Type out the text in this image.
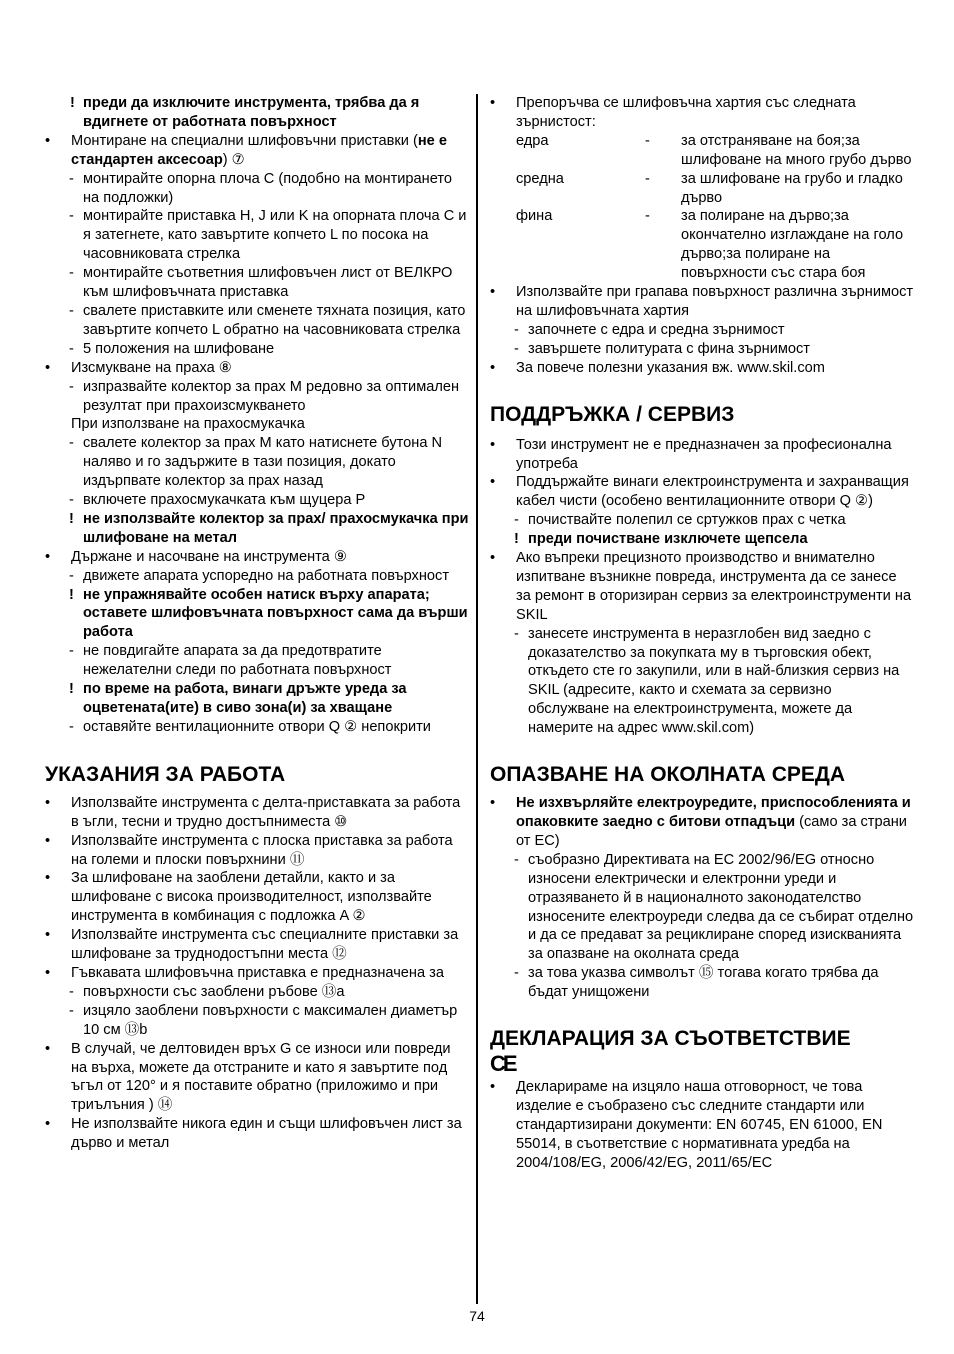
! преди да изключите инструмента, трябва да я вдигнете от работната повърхност
• Монтиране на специални шлифовъчни приставки (не е стандартен аксесоар) ⑦
- монтирайте опорна плоча C (подобно на монтирането на подложки)
- монтирайте приставка H, J или K на опорната плоча C и я затегнете, като завъртите копчето L по посока на часовниковата стрелка
- монтирайте съответния шлифовъчен лист от ВЕЛКРО към шлифовъчната приставка
- свалете приставките или сменете тяхната позиция, като завъртите копчето L обратно на часовниковата стрелка
- 5 положения на шлифоване
• Изсмукване на праха ⑧
- изпразвайте колектор за прах M редовно за оптимален резултат при прахоизсмукването
При използване на прахосмукачка
- свалете колектор за прах M като натиснете бутона N наляво и го задържите в тази позиция, докато издърпвате колектор за прах назад
- включете прахосмукачката към щуцера P
! не използвайте колектор за прах/ прахосмукачка при шлифоване на метал
• Държане и насочване на инструмента ⑨
- движете апарата успоредно на работната повърхност
! не упражнявайте особен натиск върху апарата; оставете шлифовъчната повърхност сама да върши работа
- не повдигайте апарата за да предотвратите нежелателни следи по работната повърхност
! по време на работа, винаги дръжте уреда за оцветената(ите) в сиво зона(и) за хващане
- оставяйте вентилационните отвори Q ② непокрити
УКАЗАНИЯ ЗА РАБОТА
• Използвайте инструмента с делта-приставката за работа в ъгли, тесни и трудно достъпниместа ⑩
• Използвайте инструмента с плоска приставка за работа на големи и плоски повърхнини ⑪
• За шлифоване на заоблени детайли, както и за шлифоване с висока производителност, използвайте инструмента в комбинация с подложка A ②
• Използвайте инструмента със специалните приставки за шлифоване за труднодостъпни места ⑫
• Гъвкавата шлифовъчна приставка е предназначена за
- повърхности със заоблени ръбове ⑬a
- изцяло заоблени повърхности с максимален диаметър 10 см ⑬b
• В случай, че делтовиден връх G се износи или повреди на върха, можете да отстраните и като я завъртите под ъгъл от 120° и я поставите обратно (приложимо и при триълъния ) ⑭
• Не използвайте никога един и същи шлифовъчен лист за дърво и метал
• Препоръчва се шлифовъчна хартия със следната зърнистост:
едра	-	за отстраняване на боя;за шлифоване на много грубо дърво
средна	-	за шлифоване на грубо и гладко дърво
фина	-	за полиране на дърво;за окончателно изглаждане на голо дърво;за полиране на повърхности със стара боя
• Използвайте при грапава повърхност различна зърнимост на шлифовъчната хартия
- започнете с едра и средна зърнимост
- завършете политурата с фина зърнимост
• За повече полезни указания вж. www.skil.com
ПОДДРЪЖКА / СЕРВИЗ
• Този инструмент не е предназначен за професионална употреба
• Поддържайте винаги електроинструмента и захранващия кабел чисти (особено вентилационните отвори Q ②)
- почиствайте полепил се сртужков прах с четка
! преди почистване изключете щепсела
• Ако въпреки прецизното производство и внимателно изпитване възникне повреда, инструмента да се занесе за ремонт в оторизиран сервиз за електроинструменти на SKIL
- занесете инструмента в неразглобен вид заедно с доказателство за покупката му в търговския обект, откъдето сте го закупили, или в най-близкия сервиз на SKIL (адресите, както и схемата за сервизно обслужване на електроинструмента, можете да намерите на адрес www.skil.com)
ОПАЗВАНЕ НА ОКОЛНАТА СРЕДА
• Не изхвърляйте електроуредите, приспособленията и опаковките заедно с битови отпадъци (само за страни от ЕС)
- съобразно Директивата на ЕС 2002/96/EG относно износени електрически и електронни уреди и отразяването й в националното законодателство износените електроуреди следва да се събират отделно и да се предават за рециклиране според изискванията за опазване на околната среда
- за това указва символът ⑮ тогава когато трябва да бъдат унищожени
ДЕКЛАРАЦИЯ ЗА СЪОТВЕТСТВИЕ
CE
• Декларираме на изцяло наша отговорност, че това изделие е съобразено със следните стандарти или стандартизирани документи: EN 60745, EN 61000, EN 55014, в съответствие с нормативната уредба на 2004/108/EG, 2006/42/EG, 2011/65/EC
74
